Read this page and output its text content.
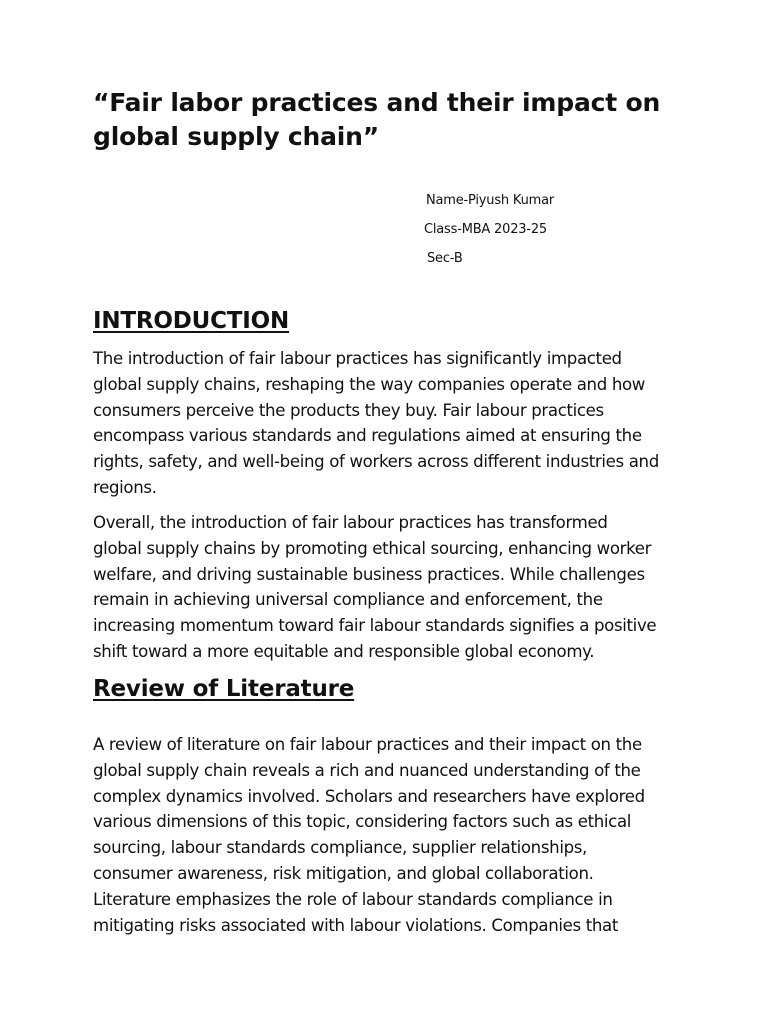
“Fair labor practices and their impact on
global supply chain”
Name-Piyush Kumar
Class-MBA 2023-25
Sec-B
INTRODUCTION

The introduction of fair labour practices has significantly impacted
global supply chains, reshaping the way companies operate and how
consumers perceive the products they buy. Fair labour practices
encompass various standards and regulations aimed at ensuring the
rights, safety, and well-being of workers across different industries and
regions.

Overall, the introduction of fair labour practices has transformed
global supply chains by promoting ethical sourcing, enhancing worker
welfare, and driving sustainable business practices. While challenges
remain in achieving universal compliance and enforcement, the
increasing momentum toward fair labour standards signifies a positive
shift toward a more equitable and responsible global economy.

Review of Literature

A review of literature on fair labour practices and their impact on the
global supply chain reveals a rich and nuanced understanding of the
complex dynamics involved. Scholars and researchers have explored
various dimensions of this topic, considering factors such as ethical
sourcing, labour standards compliance, supplier relationships,
consumer awareness, risk mitigation, and global collaboration.
Literature emphasizes the role of labour standards compliance in
mitigating risks associated with labour violations. Companies that
